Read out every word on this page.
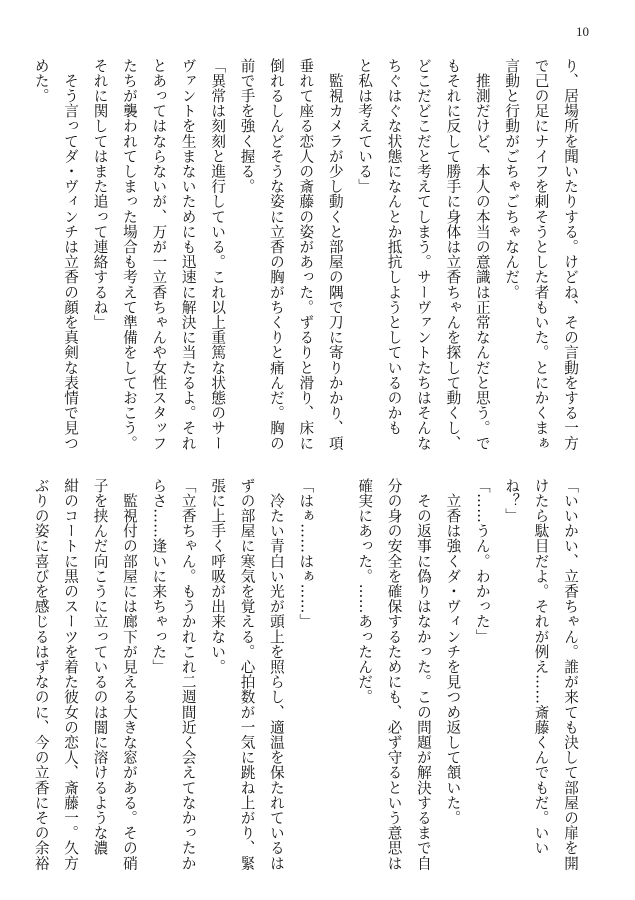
10

り、居場所を聞いたりする。けどね、その言動をする一方

で己の足にナイフを刺そうとした者もいた。とにかくまぁ

言動と行動がごちゃごちゃなんだ。

　推測だけど、本人の本当の意識は正常なんだと思う。で

もそれに反して勝手に身体は立香ちゃんを探して動くし、

どこだどこだと考えてしまう。サーヴァントたちはそんな

ちぐはぐな状態になんとか抵抗しようとしているのかも

と私は考えている」

　監視カメラが少し動くと部屋の隅で刀に寄りかかり、項

垂れて座る恋人の斎藤の姿があった。ずるりと滑り、床に

倒れるしんどそうな姿に立香の胸がちくりと痛んだ。胸の

前で手を強く握る。

「異常は刻刻と進行している。これ以上重篤な状態のサー

ヴァントを生まないためにも迅速に解決に当たるよ。それ

とあってはならないが、万が一立香ちゃんや女性スタッフ

たちが襲われてしまった場合も考えて準備をしておこう。

それに関してはまた追って連絡するね」

　そう言ってダ・ヴィンチは立香の顔を真剣な表情で見つ

めた。

「いいかい、立香ちゃん。誰が来ても決して部屋の扉を開

けたら駄目だよ。それが例え……斎藤くんでもだ。いい

ね？」

「……うん。わかった」

　立香は強くダ・ヴィンチを見つめ返して頷いた。

　その返事に偽りはなかった。この問題が解決するまで自

分の身の安全を確保するためにも、必ず守るという意思は

確実にあった。……あったんだ。

「はぁ……はぁ……」

　冷たい青白い光が頭上を照らし、適温を保たれているは

ずの部屋に寒気を覚える。心拍数が一気に跳ね上がり、緊

張に上手く呼吸が出来ない。

「立香ちゃん。もうかれこれ二週間近く会えてなかったか

らさ……逢いに来ちゃった」

　監視付の部屋には廊下が見える大きな窓がある。その硝

子を挟んだ向こうに立っているのは闇に溶けるような濃

紺のコートに黒のスーツを着た彼女の恋人、斎藤一。久方

ぶりの姿に喜びを感じるはずなのに、今の立香にその余裕
